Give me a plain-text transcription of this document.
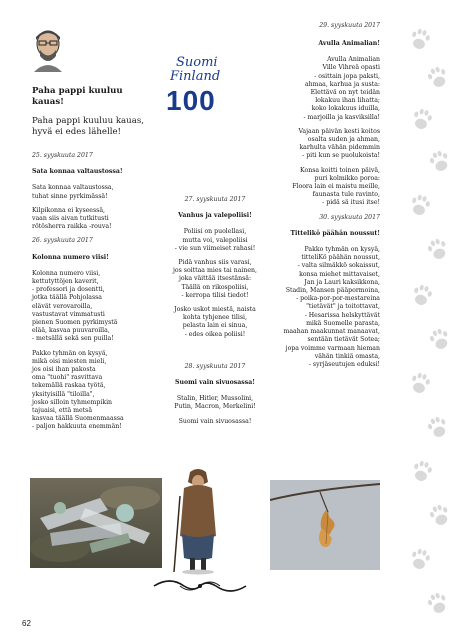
29. syyskuuta 2017
Suomi
Finland
100

Paha pappi kuuluu kauas!

Paha pappi kuuluu kauas,

hyvä ei edes lähelle!

25. syyskuuta 2017

Sata konnaa valtaustossa!

Sata konnaa valtaustossa,

tuhat sinne pyrkimässä!

Kilpikonna ei kyseessä,

vaan siis aivan tutkitusti

rötösherra raikka -rouva!

26. syyskuuta 2017

Kolonna numero viisi!

Kolonna numero viisi,

kettutyttöjen kaverit,

- professori ja dosentti,

jotka täällä Pohjolassa

elävät verovaroilla,

vastustavat vimmatusti

pienen Suomen pyrkimystä

elää, kasvaa puuvaroilla,

- metsällä sekä sen puilla!

Pakko tyhmän on kysyä,

mikä oisi miesten mieli,

jos oisi ihan pakosta

oma "tuohi" rasvittava

tekemällä raskaa työtä,

yksityisillä "tiloilla",

josko silloin tyhmempikin

tajuaisi, että metsä

kasvaa täällä Suomenmaassa

- paljon hakkuuta enemmän!

27. syyskuuta 2017

Vanhus ja valepoliisi!

Poliisi on puolellasi,

mutta voi, valepoliisi

- vie sun viimeiset rahasi!

Pidä vanhus siis varasi,

jos soittaa mies tai nainen,

joka väittää itsestänsä:

Täällä on rikospoliisi,

- kerropa tilisi tiedot!

Josko uskot miestä, naista

kohta tyhjenee tilisi,

pelasta lain ei sinua,

- edes oikea poliisi!

28. syyskuuta 2017

Suomi vain sivuosassa!

Stalin, Hitler, Mussolini,

Putin, Macron, Merkelini!

Suomi vain sivuosassa!

Avulla Animalian!

Avulla Animalian

Ville Vihreä opasti

- osittain jopa paksti,

ahmaa, karhua ja susta:

Elettävä on nyt teidän

lokakuu ihan lihatta;

koko lokakuus iduilla,

- marjoilla ja kasviksilla!

Vajaan päivän kesti koitos

osalta suden ja ahman,

karhulta vähän pidemmin

- piti kun se puolukoista!

Konsa koitti toinen päivä,

puri kolmikko poroa:

Floora lain ei maistu meille,

faunasta tule ravinto,

- pidä sä itusi itse!

30. syyskuuta 2017

Tittelikö päähän noussut!

Pakko tyhmän on kysyä,

titteliKö päähän noussut,

- valta silmäkkö sokaissut,

konsa miehet mittavaiset,

Jan ja Lauri kaksikkona,

Stadin, Mansen pääpormoina,

- poika-por-por-mestareina

"tietävät" ja toitottavat,

- Hesarissa helskyttävät

mikä Suomelle parasta,

maahan maakunnat manaavat,

sentään tietävät Sotea;

jopa voimme varmaan hieman

vähän tinkiä omasta,

- syrjäseutujen eduksi!

62
